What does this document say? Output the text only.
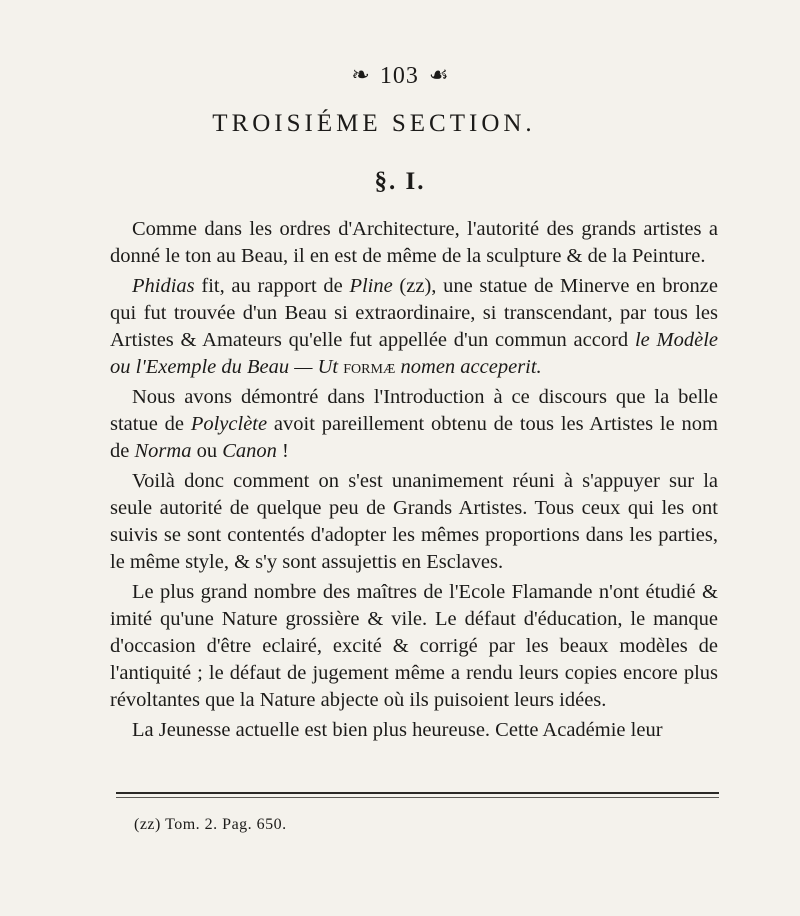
❧ 103 ☙
TROISIÉME SECTION.
§. I.

Comme dans les ordres d'Architecture, l'autorité des grands artistes a donné le ton au Beau, il en est de même de la sculpture & de la Peinture.

Phidias fit, au rapport de Pline (zz), une statue de Minerve en bronze qui fut trouvée d'un Beau si extraordinaire, si transcendant, par tous les Artistes & Amateurs qu'elle fut appellée d'un commun accord le Modèle ou l'Exemple du Beau — Ut formæ nomen acceperit.

Nous avons démontré dans l'Introduction à ce discours que la belle statue de Polyclète avoit pareillement obtenu de tous les Artistes le nom de Norma ou Canon !

Voilà donc comment on s'est unanimement réuni à s'appuyer sur la seule autorité de quelque peu de Grands Artistes. Tous ceux qui les ont suivis se sont contentés d'adopter les mêmes proportions dans les parties, le même style, & s'y sont assujettis en Esclaves.

Le plus grand nombre des maîtres de l'Ecole Flamande n'ont étudié & imité qu'une Nature grossière & vile. Le défaut d'éducation, le manque d'occasion d'être eclairé, excité & corrigé par les beaux modèles de l'antiquité ; le défaut de jugement même a rendu leurs copies encore plus révoltantes que la Nature abjecte où ils puisoient leurs idées.

La Jeunesse actuelle est bien plus heureuse. Cette Académie leur

(zz) Tom. 2. Pag. 650.
